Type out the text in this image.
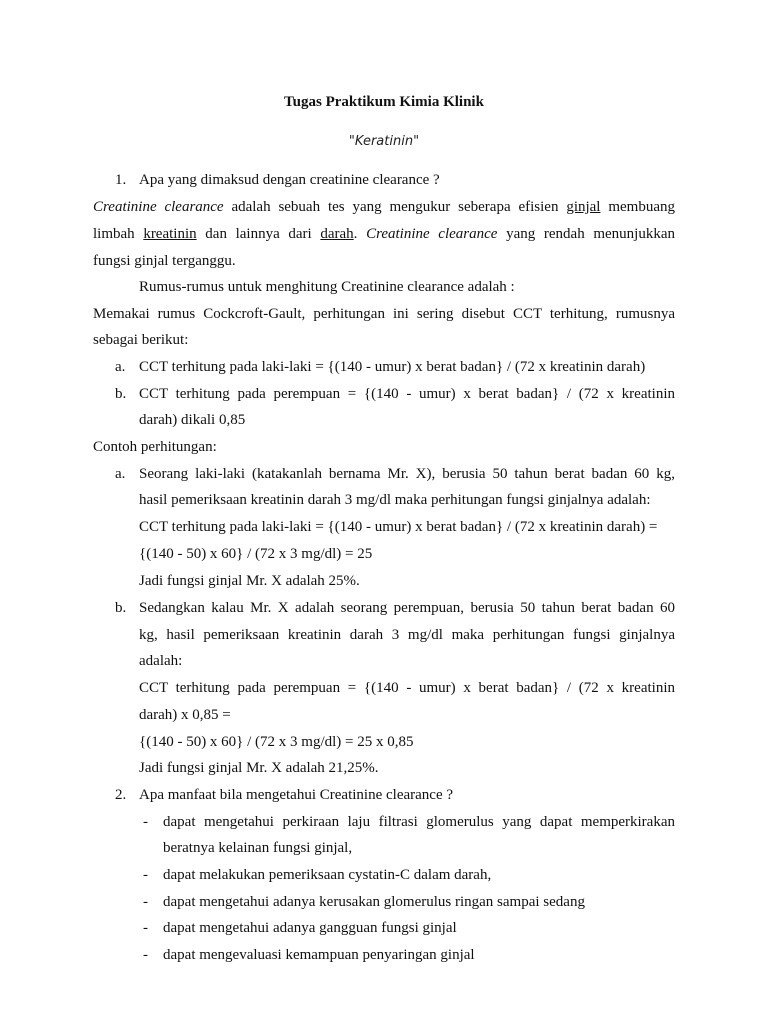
Tugas Praktikum Kimia Klinik
"Keratinin"
1. Apa yang dimaksud dengan creatinine clearance ?
Creatinine clearance adalah sebuah tes yang mengukur seberapa efisien ginjal membuang
limbah kreatinin dan lainnya dari darah. Creatinine clearance yang rendah menunjukkan
fungsi ginjal terganggu.
Rumus-rumus untuk menghitung Creatinine clearance adalah :
Memakai rumus Cockcroft-Gault, perhitungan ini sering disebut CCT terhitung, rumusnya
sebagai berikut:
a. CCT terhitung pada laki-laki = {(140 - umur) x berat badan} / (72 x kreatinin darah)
b. CCT terhitung pada perempuan = {(140 - umur) x berat badan} / (72 x kreatinin
darah) dikali 0,85
Contoh perhitungan:
a. Seorang laki-laki (katakanlah bernama Mr. X), berusia 50 tahun berat badan 60 kg,
hasil pemeriksaan kreatinin darah 3 mg/dl maka perhitungan fungsi ginjalnya adalah:
CCT terhitung pada laki-laki = {(140 - umur) x berat badan} / (72 x kreatinin darah) =
{(140 - 50) x 60} / (72 x 3 mg/dl) = 25
Jadi fungsi ginjal Mr. X adalah 25%.
b. Sedangkan kalau Mr. X adalah seorang perempuan, berusia 50 tahun berat badan 60
kg, hasil pemeriksaan kreatinin darah 3 mg/dl maka perhitungan fungsi ginjalnya
adalah:
CCT terhitung pada perempuan = {(140 - umur) x berat badan} / (72 x kreatinin
darah) x 0,85 =
{(140 - 50) x 60} / (72 x 3 mg/dl) = 25 x 0,85
Jadi fungsi ginjal Mr. X adalah 21,25%.
2. Apa manfaat bila mengetahui Creatinine clearance ?
-	dapat mengetahui perkiraan laju filtrasi glomerulus yang dapat memperkirakan
beratnya kelainan fungsi ginjal,
-	dapat melakukan pemeriksaan cystatin-C dalam darah,
-	dapat mengetahui adanya kerusakan glomerulus ringan sampai sedang
-	dapat mengetahui adanya gangguan fungsi ginjal
-	dapat mengevaluasi kemampuan penyaringan ginjal
